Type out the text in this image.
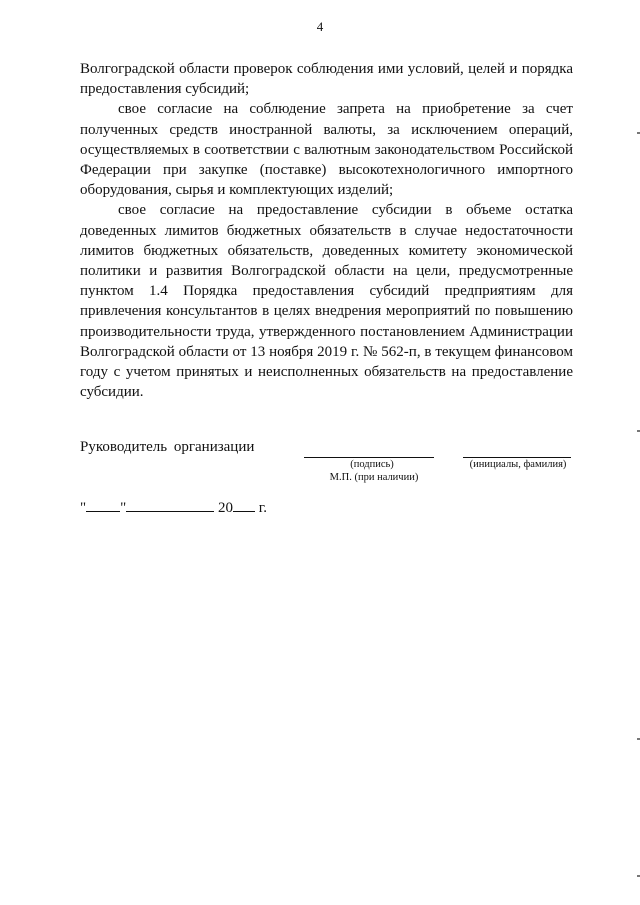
4

Волгоградской области проверок соблюдения ими условий, целей и порядка предоставления субсидий;

свое согласие на соблюдение запрета на приобретение за счет полученных средств иностранной валюты, за исключением операций, осуществляемых в соответствии с валютным законодательством Российской Федерации при закупке (поставке) высокотехнологичного импортного оборудования, сырья и комплектующих изделий;

свое согласие на предоставление субсидии в объеме остатка доведенных лимитов бюджетных обязательств в случае недостаточности лимитов бюджетных обязательств, доведенных комитету экономической политики и развития Волгоградской области на цели, предусмотренные пунктом 1.4 Порядка предоставления субсидий предприятиям для привлечения консультантов в целях внедрения мероприятий по повышению производительности труда, утвержденного постановлением Администрации Волгоградской области от 13 ноября 2019 г. № 562-п, в текущем финансовом году с учетом принятых и неисполненных обязательств на предоставление субсидии.

Руководитель организации
(подпись)	(инициалы, фамилия)
М.П. (при наличии)
" "	20 г.
